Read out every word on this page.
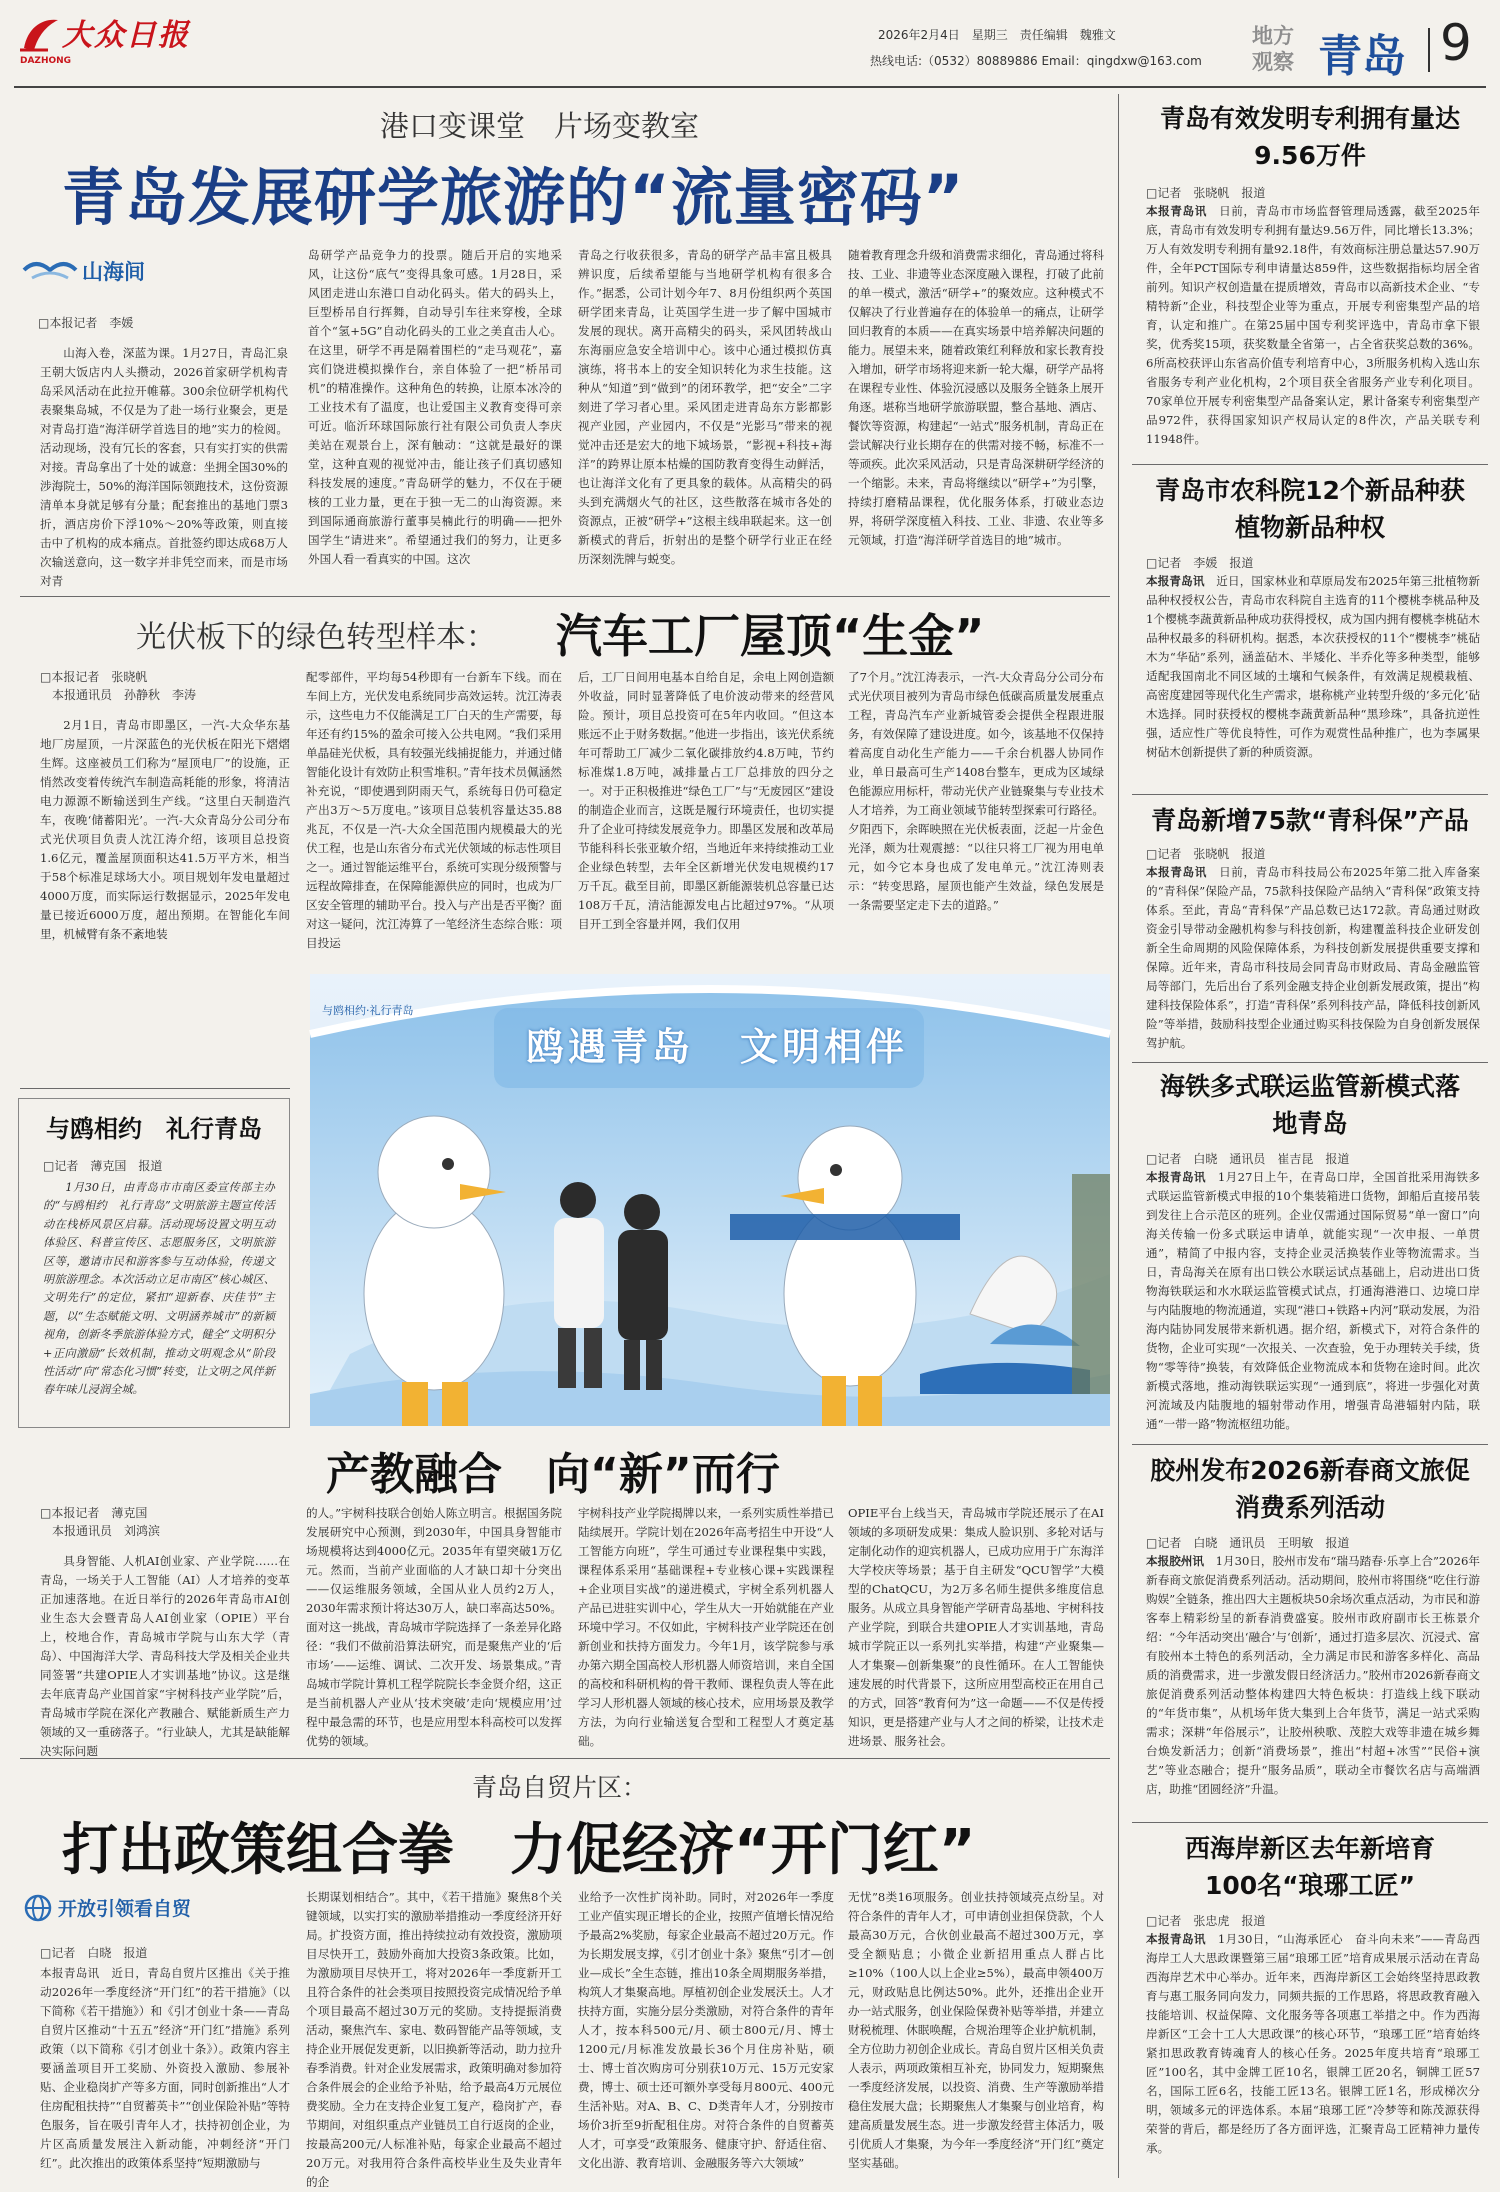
大众日报
DAZHONG
2026年2月4日　星期三　责任编辑　魏雅文
热线电话:（0532）80889886 Email：qingdxw@163.com
地方
观察 青岛 9
港口变课堂　片场变教室
青岛发展研学旅游的“流量密码”
山海间
□本报记者　李媛
山海入卷，深蓝为课。1月27日，青岛汇泉王朝大饭店内人头攒动，2026首家研学机构青岛采风活动在此拉开帷幕。300余位研学机构代表聚集岛城，不仅是为了赴一场行业聚会，更是对青岛打造“海洋研学首选目的地”实力的检阅。活动现场，没有冗长的客套，只有实打实的供需对接。青岛拿出了十处的诚意：坐拥全国30%的涉海院士，50%的海洋国际领跑技术，这份资源清单本身就足够有分量；配套推出的基地门票3折，酒店房价下浮10%～20%等政策，则直接击中了机构的成本痛点。首批签约即达成68万人次输送意向，这一数字并非凭空而来，而是市场对青
岛研学产品竞争力的投票。随后开启的实地采风，让这份“底气”变得具象可感。1月28日，采风团走进山东港口自动化码头。偌大的码头上，巨型桥吊自行挥舞，自动导引车往来穿梭，全球首个“氢+5G”自动化码头的工业之美直击人心。在这里，研学不再是隔着围栏的“走马观花”，嘉宾们饶进模拟操作台，亲自体验了一把“桥吊司机”的精准操作。这种角色的转换，让原本冰冷的工业技术有了温度，也让爱国主义教育变得可亲可近。临沂环球国际旅行社有限公司负责人李庆美站在观景台上，深有触动：“这就是最好的课堂，这种直观的视觉冲击，能让孩子们真切感知科技发展的速度。”青岛研学的魅力，不仅在于硬核的工业力量，更在于独一无二的山海资源。来到国际通商旅游行董事吴楠此行的明确——把外国学生“请进来”。希望通过我们的努力，让更多外国人看一看真实的中国。这次
青岛之行收获很多，青岛的研学产品丰富且极具辨识度，后续希望能与当地研学机构有很多合作。”据悉，公司计划今年7、8月份组织两个英国研学团来青岛，让英国学生进一步了解中国城市发展的现状。离开高精尖的码头，采风团转战山东海丽应急安全培训中心。该中心通过模拟仿真演练，将书本上的安全知识转化为求生技能。这种从“知道”到“做到”的闭环教学，把“安全”二字刻进了学习者心里。采风团走进青岛东方影都影视产业园，产业园内，不仅是“光影马”带来的视觉冲击还是宏大的地下城场景，“影视+科技+海洋”的跨界让原本枯燥的国防教育变得生动鲜活，也让海洋文化有了更具象的载体。从高精尖的码头到充满烟火气的社区，这些散落在城市各处的资源点，正被“研学+”这根主线串联起来。这一创新模式的背后，折射出的是整个研学行业正在经历深刻洗牌与蜕变。
随着教育理念升级和消费需求细化，青岛通过将科技、工业、非遗等业态深度融入课程，打破了此前的单一模式，激活“研学+”的聚效应。这种模式不仅解决了行业普遍存在的体验单一的痛点，让研学回归教育的本质——在真实场景中培养解决问题的能力。展望未来，随着政策红利释放和家长教育投入增加，研学市场将迎来新一轮大爆，研学产品将在课程专业性、体验沉浸感以及服务全链条上展开角逐。堪称当地研学旅游联盟，整合基地、酒店、餐饮等资源，构建起“一站式”服务机制，青岛正在尝试解决行业长期存在的供需对接不畅，标准不一等顽疾。此次采风活动，只是青岛深耕研学经济的一个缩影。未来，青岛将继续以“研学+”为引擎，持续打磨精品课程，优化服务体系，打破业态边界，将研学深度植入科技、工业、非遗、农业等多元领域，打造“海洋研学首选目的地”城市。
光伏板下的绿色转型样本： 汽车工厂屋顶“生金”
□本报记者　张晓帆
　本报通讯员　孙静秋　李涛
2月1日，青岛市即墨区，一汽-大众华东基地厂房屋顶，一片深蓝色的光伏板在阳光下熠熠生辉。这座被员工们称为“屋顶电厂”的设施，正悄然改变着传统汽车制造高耗能的形象，将清洁电力源源不断输送到生产线。“这里白天制造汽车，夜晚‘储蓄阳光’。一汽-大众青岛分公司分布式光伏项目负责人沈江涛介绍，该项目总投资1.6亿元，覆盖屋顶面积达41.5万平方米，相当于58个标准足球场大小。项目规划年发电量超过4000万度，而实际运行数据显示，2025年发电量已接近6000万度，超出预期。在智能化车间里，机械臂有条不紊地装
配零部件，平均每54秒即有一台新车下线。而在车间上方，光伏发电系统同步高效运转。沈江涛表示，这些电力不仅能满足工厂白天的生产需要，每年还有约15%的盈余可接入公共电网。“我们采用单晶硅光伏板，具有较强光线捕捉能力，并通过储智能化设计有效防止积雪堆积。”青年技术员佩涵然补充说，“即使遇到阴雨天气，系统每日仍可稳定产出3万～5万度电。”该项目总装机容量达35.88兆瓦，不仅是一汽-大众全国范围内规模最大的光伏工程，也是山东省分布式光伏领域的标志性项目之一。通过智能运维平台，系统可实现分级预警与远程故障排查，在保障能源供应的同时，也成为厂区安全管理的辅助平台。投入与产出是否平衡？面对这一疑问，沈江涛算了一笔经济生态综合账：项目投运
后，工厂日间用电基本自给自足，余电上网创造额外收益，同时显著降低了电价波动带来的经营风险。预计，项目总投资可在5年内收回。“但这本账远不止于财务数据。”他进一步指出，该光伏系统年可帮助工厂减少二氧化碳排放约4.8万吨，节约标准煤1.8万吨，减排量占工厂总排放的四分之一。对于正积极推进“绿色工厂”与“无废园区”建设的制造企业而言，这既是履行环境责任，也切实提升了企业可持续发展竞争力。即墨区发展和改革局节能科科长张亚敏介绍，当地近年来持续推动工业企业绿色转型，去年全区新增光伏发电规模约17万千瓦。截至目前，即墨区新能源装机总容量已达108万千瓦，清洁能源发电占比超过97%。“从项目开工到全容量并网，我们仅用
了7个月。”沈江涛表示，一汽-大众青岛分公司分布式光伏项目被列为青岛市绿色低碳高质量发展重点工程，青岛汽车产业新城管委会提供全程跟进服务，有效保障了建设进度。如今，该基地不仅保持着高度自动化生产能力——千余台机器人协同作业，单日最高可生产1408台整车，更成为区域绿色能源应用标杆，带动光伏产业链聚集与专业技术人才培养，为工商业领域节能转型探索可行路径。夕阳西下，余晖映照在光伏板表面，泛起一片金色光泽，颇为壮观震撼：“以往只将工厂视为用电单元，如今它本身也成了发电单元。”沈江涛则表示：“转变思路，屋顶也能产生效益，绿色发展是一条需要坚定走下去的道路。”
鸥遇青岛 文明相伴
与鸥相约·礼行青岛
与鸥相约　礼行青岛
□记者　薄克国　报道
1月30日，由青岛市市南区委宣传部主办的“与鸥相约　礼行青岛”文明旅游主题宣传活动在栈桥风景区启幕。活动现场设置文明互动体验区、科普宣传区、志愿服务区，文明旅游区等，邀请市民和游客参与互动体验，传递文明旅游理念。本次活动立足市南区“核心城区、文明先行”的定位，紧扣“迎新春、庆佳节”主题，以“生态赋能文明、文明涵养城市”的新颖视角，创新冬季旅游体验方式，健全“文明积分+正向激励”长效机制，推动文明观念从“阶段性活动”向“常态化习惯”转变，让文明之风伴新春年味儿浸润全城。
产教融合　向“新”而行
□本报记者　薄克国
　本报通讯员　刘鸿滨
具身智能、人机AI创业家、产业学院……在青岛，一场关于人工智能（AI）人才培养的变革正加速落地。在近日举行的2026年青岛市AI创业生态大会暨青岛人AI创业家（OPIE）平台上，校地合作，青岛城市学院与山东大学（青岛）、中国海洋大学、青岛科技大学及相关企业共同签署“共建OPIE人才实训基地”协议。这是继去年底青岛产业国首家“宇树科技产业学院”后，青岛城市学院在深化产教融合、赋能新质生产力领域的又一重磅落子。“行业缺人，尤其是缺能解决实际问题
的人。”宇树科技联合创始人陈立明言。根据国务院发展研究中心预测，到2030年，中国具身智能市场规模将达到4000亿元。2035年有望突破1万亿元。然而，当前产业面临的人才缺口却十分突出——仅运维服务领域，全国从业人员约2万人，2030年需求预计将达30万人，缺口率高达50%。面对这一挑战，青岛城市学院选择了一条差异化路径：“我们不做前沿算法研究，而是聚焦产业的‘后市场’——运维、调试、二次开发、场景集成。”青岛城市学院计算机工程学院院长李金贤介绍，这正是当前机器人产业从‘技术突破’走向‘规模应用’过程中最急需的环节，也是应用型本科高校可以发挥优势的领域。
宇树科技产业学院揭牌以来，一系列实质性举措已陆续展开。学院计划在2026年高考招生中开设“人工智能方向班”，学生可通过专业课程集中实践，课程体系采用“基础课程+专业核心课+实践课程+企业项目实战”的递进模式，宇树全系列机器人产品已进驻实训中心，学生从大一开始就能在产业环境中学习。不仅如此，宇树科技产业学院还在创新创业和扶持方面发力。今年1月，该学院参与承办第六期全国高校人形机器人师资培训，来自全国的高校和科研机构的骨干教师、课程负责人等在此学习人形机器人领域的核心技术，应用场景及教学方法，为向行业输送复合型和工程型人才奠定基础。
OPIE平台上线当天，青岛城市学院还展示了在AI领域的多项研发成果：集成人脸识别、多轮对话与定制化动作的迎宾机器人，已成功应用于广东海洋大学校庆等场景；基于自主研发“QCU智学”大模型的ChatQCU，为2万多名师生提供多维度信息服务。从成立具身智能产学研青岛基地、宇树科技产业学院，到联合共建OPIE人才实训基地，青岛城市学院正以一系列扎实举措，构建“产业聚集—人才集聚—创新集聚”的良性循环。在人工智能快速发展的时代背景下，这所应用型高校正在用自己的方式，回答“教育何为”这一命题——不仅是传授知识，更是搭建产业与人才之间的桥梁，让技术走进场景、服务社会。
青岛自贸片区：
打出政策组合拳　力促经济“开门红”
开放引领看自贸
□记者　白晓　报道
本报青岛讯　近日，青岛自贸片区推出《关于推动2026年一季度经济“开门红”的若干措施》（以下简称《若干措施》）和《引才创业十条——青岛自贸片区推动“十五五”经济“开门红”措施》系列政策（以下简称《引才创业十条》）。政策内容主要涵盖项目开工奖励、外资投入激励、参展补贴、企业稳岗扩产等多方面，同时创新推出“人才住房配租扶持”“自贸蓄英卡”“创业保险补贴”等特色服务，旨在吸引青年人才，扶持初创企业，为片区高质量发展注入新动能，冲刺经济“开门红”。此次推出的政策体系坚持“短期激励与
长期谋划相结合”。其中，《若干措施》聚焦8个关键领域，以实打实的激励举措推动一季度经济开好局。扩投资方面，推出持续拉动有效投资，激励项目尽快开工，鼓励外商加大投资3条政策。比如，为激励项目尽快开工，将对2026年一季度新开工且符合条件的社会类项目按照投资完成情况给予单个项目最高不超过30万元的奖励。支持提振消费活动，聚焦汽车、家电、数码智能产品等领域，支持企业开展促发更新，以旧换新等活动，助力拉升春季消费。针对企业发展需求，政策明确对参加符合条件展会的企业给予补贴，给予最高4万元展位费奖励。全力在支持企业复工复产，稳岗扩产，春节期间，对组织重点产业链员工自行返岗的企业，按最高200元/人标准补贴，每家企业最高不超过20万元。对我用符合条件高校毕业生及失业青年的企
业给予一次性扩岗补助。同时，对2026年一季度工业产值实现正增长的企业，按照产值增长情况给予最高2%奖励，每家企业最高不超过20万元。作为长期发展支撑，《引才创业十条》聚焦“引才—创业—成长”全生态链，推出10条全周期服务举措，构筑人才集聚高地。厚植初创企业发展沃土。人才扶持方面，实施分层分类激励，对符合条件的青年人才，按本科500元/月、硕士800元/月、博士1200元/月标准发放最长36个月住房补贴，硕士、博士首次购房可分别获10万元、15万元安家费，博士、硕士还可额外享受每月800元、400元生活补贴。对A、B、C、D类青年人才，分别按市场价3折至9折配租住房。对符合条件的自贸蓄英人才，可享受“政策服务、健康守护、舒适住宿、文化出游、教育培训、金融服务等六大领域”
无忧”8类16项服务。创业扶持领域亮点纷呈。对符合条件的青年人才，可申请创业担保贷款，个人最高30万元，合伙创业最高不超过300万元，享受全额贴息；小微企业新招用重点人群占比≥10%（100人以上企业≥5%），最高申领400万元，财政贴息比例达50%。此外，还推出企业开办一站式服务，创业保险保费补贴等举措，并建立财税梳理、休眠唤醒，合规治理等企业护航机制，全方位助力初创企业成长。青岛自贸片区相关负责人表示，两项政策相互补充，协同发力，短期聚焦一季度经济发展，以投资、消费、生产等激励举措稳住发展大盘；长期聚焦人才集聚与创业培育，构建高质量发展生态。进一步激发经营主体活力，吸引优质人才集聚，为今年一季度经济“开门红”奠定坚实基础。
青岛有效发明专利拥有量达9.56万件
□记者　张晓帆　报道
本报青岛讯　日前，青岛市市场监督管理局透露，截至2025年底，青岛市有效发明专利拥有量达9.56万件，同比增长13.3%；万人有效发明专利拥有量92.18件，有效商标注册总量达57.90万件，全年PCT国际专利申请量达859件，这些数据指标均居全省前列。知识产权创造量在提质增效，青岛市以高新技术企业、“专精特新”企业，科技型企业等为重点，开展专利密集型产品的培育，认定和推广。在第25届中国专利奖评选中，青岛市拿下银奖，优秀奖15项，获奖数量全省第一，占全省获奖总数的36%。6所高校获评山东省高价值专利培育中心，3所服务机构入选山东省服务专利产业化机构，2个项目获全省服务产业专利化项目。70家单位开展专利密集型产品备案认定，累计备案专利密集型产品972件，获得国家知识产权局认定的8件次，产品关联专利11948件。
青岛市农科院12个新品种获植物新品种权
□记者　李媛　报道
本报青岛讯　近日，国家林业和草原局发布2025年第三批植物新品种权授权公告，青岛市农科院自主选育的11个樱桃李桃品种及1个樱桃李蔬黄新品种成功获得授权，成为国内拥有樱桃李桃砧木品种权最多的科研机构。据悉，本次获授权的11个“樱桃李”桃砧木为“华砧”系列，涵盖砧木、半矮化、半乔化等多种类型，能够适配我国南北不同区域的土壤和气候条件，有效满足规模栽植、高密度建园等现代化生产需求，堪称桃产业转型升级的‘多元化’砧木选择。同时获授权的樱桃李蔬黄新品种“黑珍珠”，具备抗逆性强，适应性广等优良特性，可作为观赏性品种推广，也为李属果树砧木创新提供了新的种质资源。
青岛新增75款“青科保”产品
□记者　张晓帆　报道
本报青岛讯　日前，青岛市科技局公布2025年第二批入库备案的“青科保”保险产品，75款科技保险产品纳入“青科保”政策支持体系。至此，青岛“青科保”产品总数已达172款。青岛通过财政资金引导带动金融机构参与科技创新，构建覆盖科技企业研发创新全生命周期的风险保障体系，为科技创新发展提供重要支撑和保障。近年来，青岛市科技局会同青岛市财政局、青岛金融监管局等部门，先后出台了系列金融支持企业创新发展政策，提出“构建科技保险体系”，打造“青科保”系列科技产品，降低科技创新风险”等举措，鼓励科技型企业通过购买科技保险为自身创新发展保驾护航。
海铁多式联运监管新模式落地青岛
□记者　白晓　通讯员　崔吉昆　报道
本报青岛讯　1月27日上午，在青岛口岸，全国首批采用海铁多式联运监管新模式申报的10个集装箱进口货物，卸船后直接吊装到发往上合示范区的班列。企业仅需通过国际贸易“单一窗口”向海关传输一份多式联运申请单，就能实现“一次申报、一单贯通”，精简了中报内容，支持企业灵活换装作业等物流需求。当日，青岛海关在原有出口铁公水联运试点基础上，启动进出口货物海铁联运和水水联运监管模式试点，打通海港港口、边境口岸与内陆腹地的物流通道，实现“港口+铁路+内河”联动发展，为沿海内陆协同发展带来新机遇。据介绍，新模式下，对符合条件的货物，企业可实现“一次报关、一次查验，免于办理转关手续，货物“零等待”换装，有效降低企业物流成本和货物在途时间。此次新模式落地，推动海铁联运实现“一通到底”，将进一步强化对黄河流域及内陆腹地的辐射带动作用，增强青岛港辐射内陆，联通“一带一路”物流枢纽功能。
胶州发布2026新春商文旅促消费系列活动
□记者　白晓　通讯员　王明敏　报道
本报胶州讯　1月30日，胶州市发布“瑞马踏春·乐享上合”2026年新春商文旅促消费系列活动。活动期间，胶州市将围绕“吃住行游购娱”全链条，推出四大主题板块50余场次重点活动，为市民和游客奉上精彩纷呈的新春消费盛宴。胶州市政府副市长王栋景介绍：“今年活动突出‘融合’与‘创新’，通过打造多层次、沉浸式、富有胶州本土特色的系列活动，全力满足市民和游客多样化、高品质的消费需求，进一步激发假日经济活力。”胶州市2026新春商文旅促消费系列活动整体构建四大特色板块：打造线上线下联动的“年货市集”，从机场年货大集到上合年货节，满足一站式采购需求；深耕“年俗展示”，让胶州秧歌、茂腔大戏等非遗在城乡舞台焕发新活力；创新“消费场景”，推出“村超+冰雪”“民俗+演艺”等业态融合；提升“服务品质”，联动全市餐饮名店与高端酒店，助推“团圆经济”升温。
西海岸新区去年新培育100名“琅琊工匠”
□记者　张忠虎　报道
本报青岛讯　1月30日，“山海承匠心　奋斗向未来”——青岛西海岸工人大思政课暨第三届“琅琊工匠”培育成果展示活动在青岛西海岸艺术中心举办。近年来，西海岸新区工会始终坚持思政教育与惠工服务同向发力，同频共振的工作思路，将思政教育融入技能培训、权益保障、文化服务等各项惠工举措之中。作为西海岸新区“工会十工人大思政课”的核心环节，“琅琊工匠”培育始终紧扣思政教育铸魂育人的核心任务。2025年度共培育“琅琊工匠”100名，其中金牌工匠10名，银牌工匠20名，铜牌工匠57名，国际工匠6名，技能工匠13名。银牌工匠1名，形成梯次分明，领域多元的评选体系。本届“琅琊工匠”冷梦等和陈茂源获得荣誉的背后，都是经历了各方面评选，汇聚青岛工匠精神力量传承。
